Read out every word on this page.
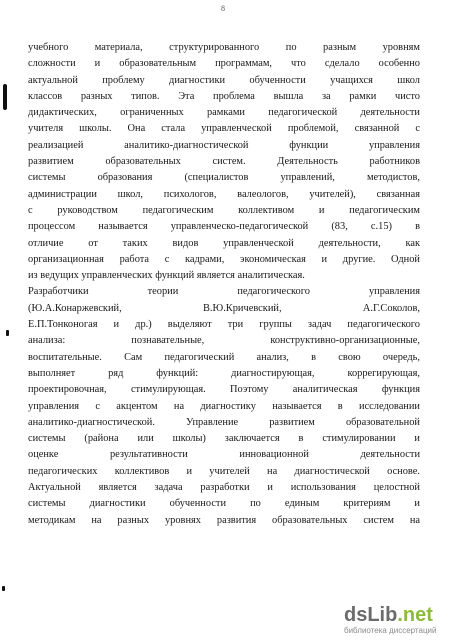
8
учебного материала, структурированного по разным уровням
сложности и образовательным программам, что сделало особенно
актуальной проблему диагностики обученности учащихся школ
классов разных типов. Эта проблема вышла за рамки чисто
дидактических, ограниченных рамками педагогической деятельности
учителя школы. Она стала управленческой проблемой, связанной с
реализацией аналитико-диагностической функции управления
развитием образовательных систем. Деятельность работников
системы образования (специалистов управлений, методистов,
администрации школ, психологов, валеологов, учителей), связанная
с руководством педагогическим коллективом и педагогическим
процессом называется управленческо-педагогической (83, с.15) в
отличие от таких видов управленческой деятельности, как
организационная работа с кадрами, экономическая и другие. Одной
из ведущих управленческих функций является аналитическая.
Разработчики теории педагогического управления
(Ю.А.Конаржевский, В.Ю.Кричевский, А.Г.Соколов,
Е.П.Тонконогая и др.) выделяют три группы задач педагогического
анализа: познавательные, конструктивно-организационные,
воспитательные. Сам педагогический анализ, в свою очередь,
выполняет ряд функций: диагностирующая, коррегирующая,
проектировочная, стимулирующая. Поэтому аналитическая функция
управления с акцентом на диагностику называется в исследовании
аналитико-диагностической. Управление развитием образовательной
системы (района или школы) заключается в стимулировании и
оценке результативности инновационной деятельности
педагогических коллективов и учителей на диагностической основе.
Актуальной является задача разработки и использования целостной
системы диагностики обученности по единым критериям и
методикам на разных уровнях развития образовательных систем на
dsLib.net
библиотека диссертаций
